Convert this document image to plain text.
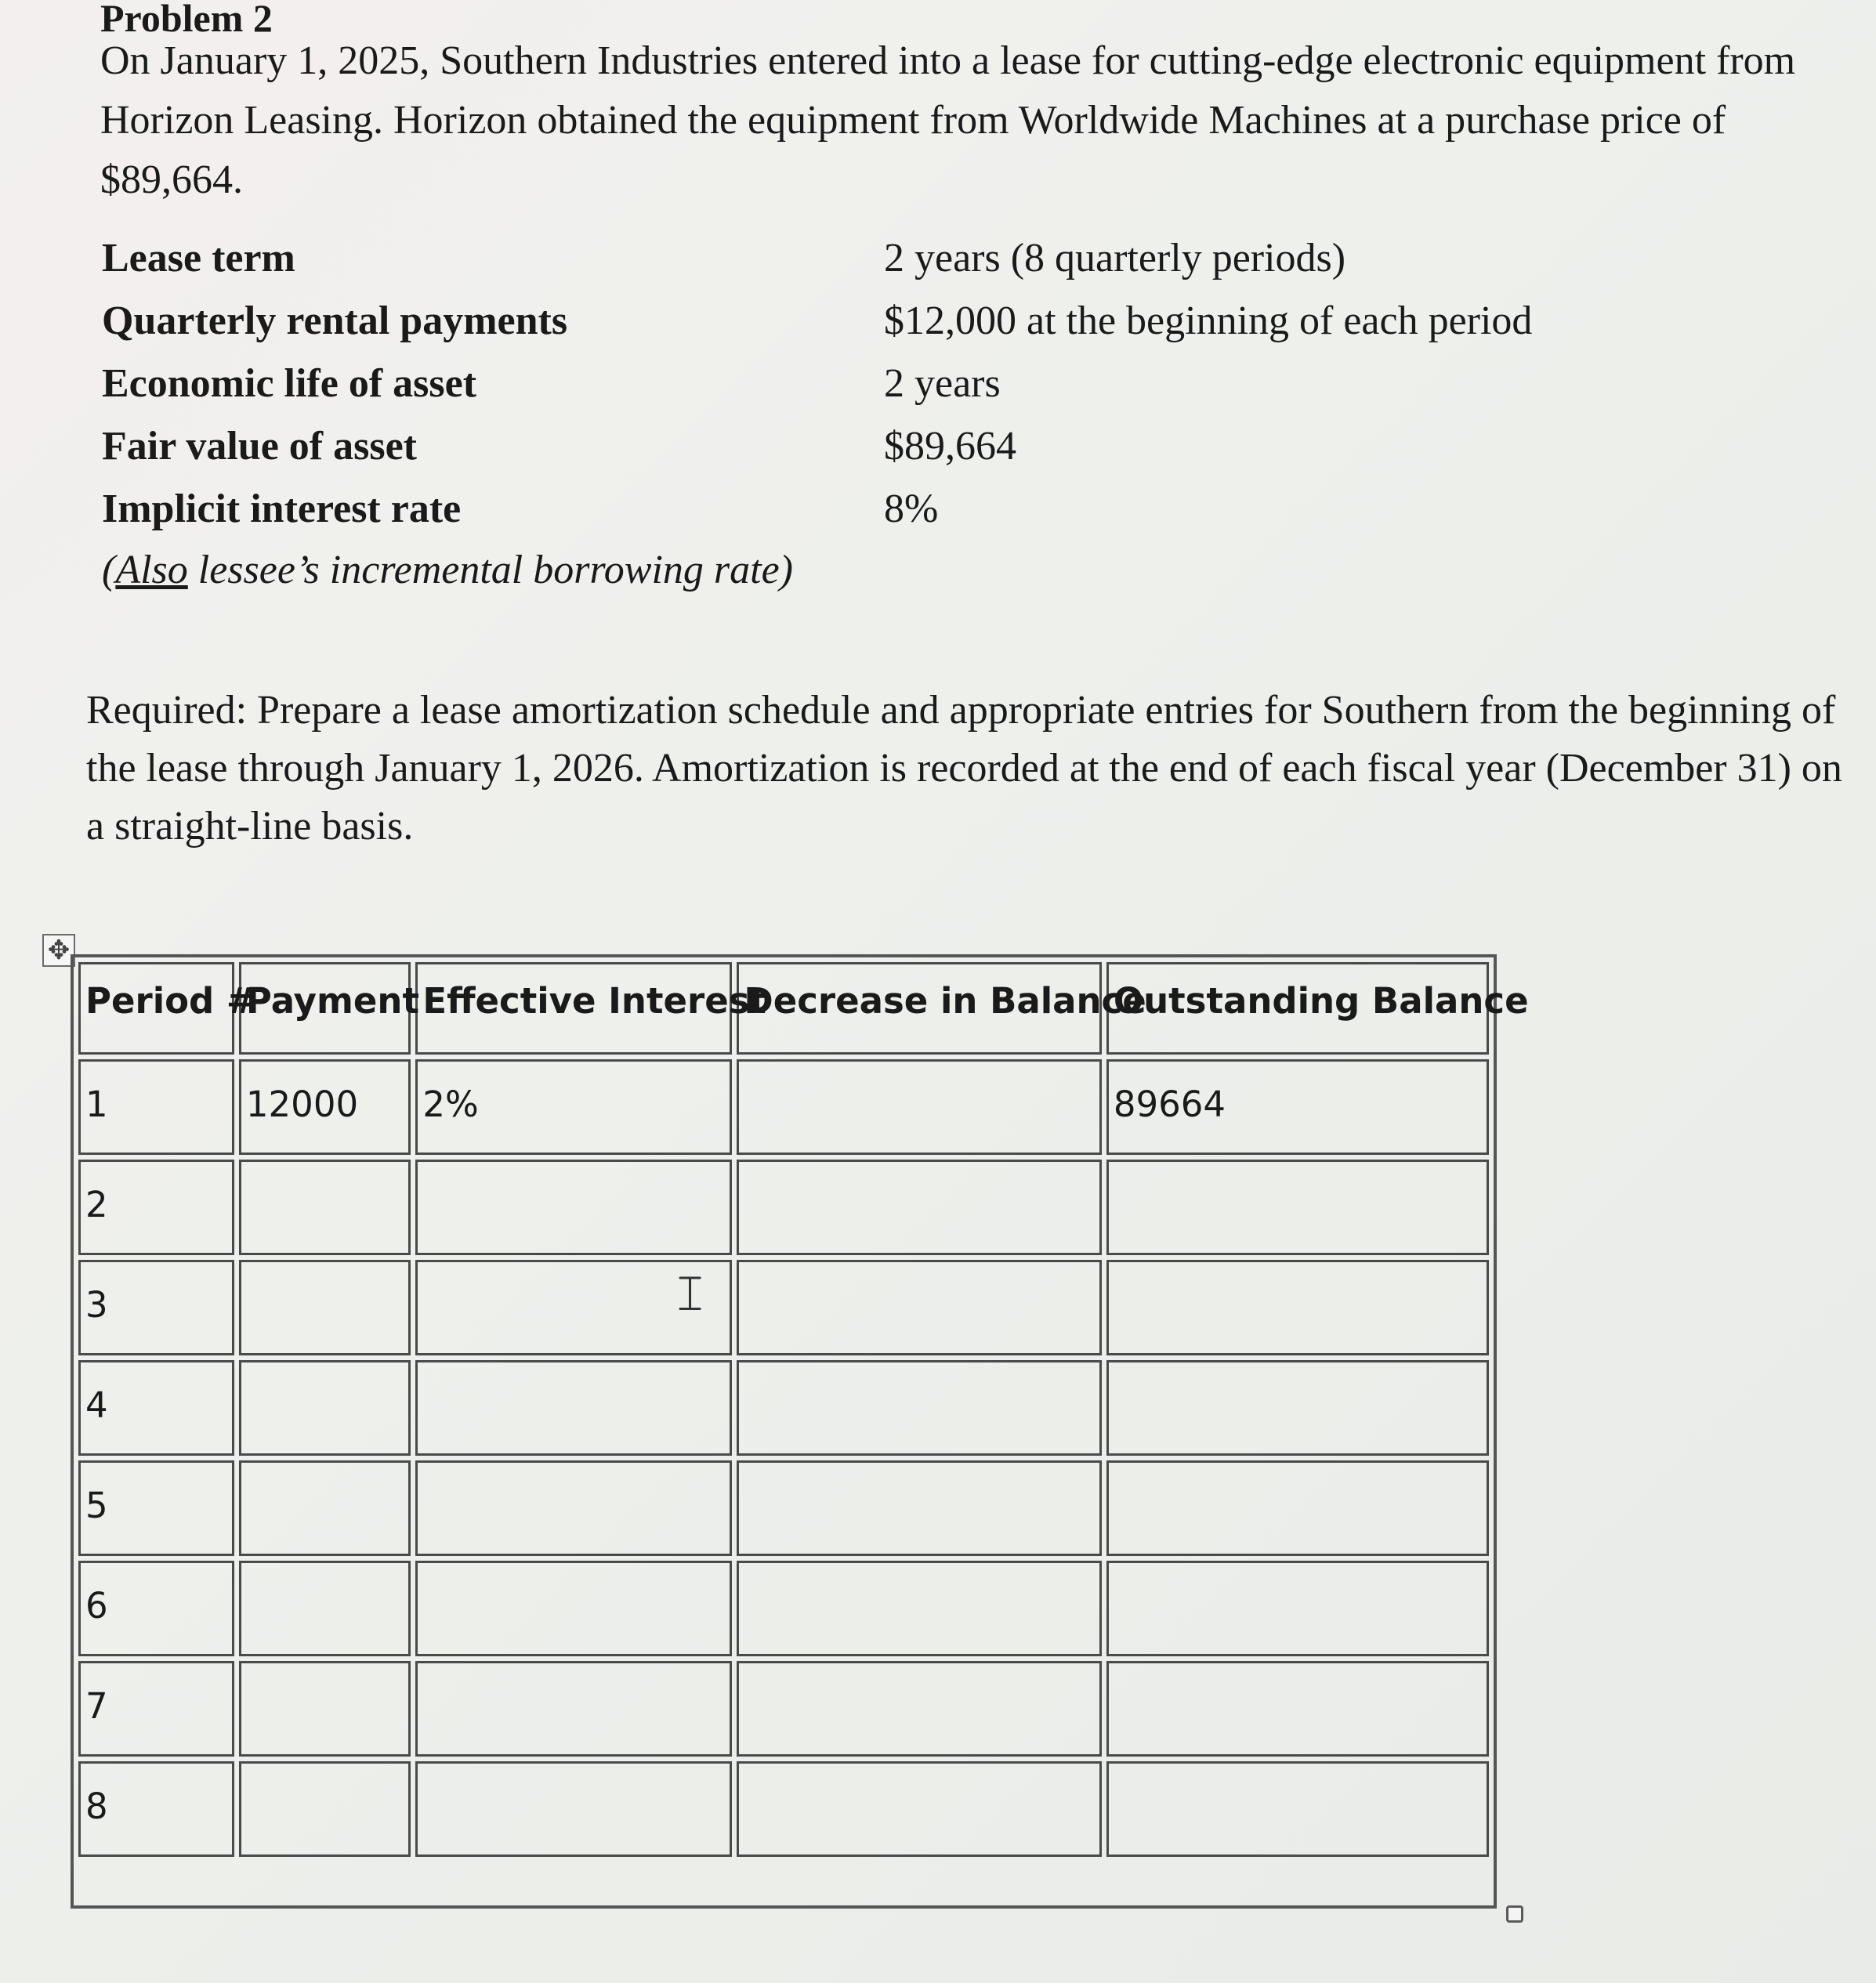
Problem 2
On January 1, 2025, Southern Industries entered into a lease for cutting-edge electronic equipment from Horizon Leasing. Horizon obtained the equipment from Worldwide Machines at a purchase price of $89,664.
Lease term	2 years (8 quarterly periods)
Quarterly rental payments	$12,000 at the beginning of each period
Economic life of asset	2 years
Fair value of asset	$89,664
Implicit interest rate	8%
(Also lessee’s incremental borrowing rate)
Required: Prepare a lease amortization schedule and appropriate entries for Southern from the beginning of the lease through January 1, 2026. Amortization is recorded at the end of each fiscal year (December 31) on a straight-line basis.
✥
Period #	Payment	Effective Interest	Decrease in Balance	Outstanding Balance
1	12000	2%		89664
2				
3				
4				
5				
6				
7				
8				
𝙸
